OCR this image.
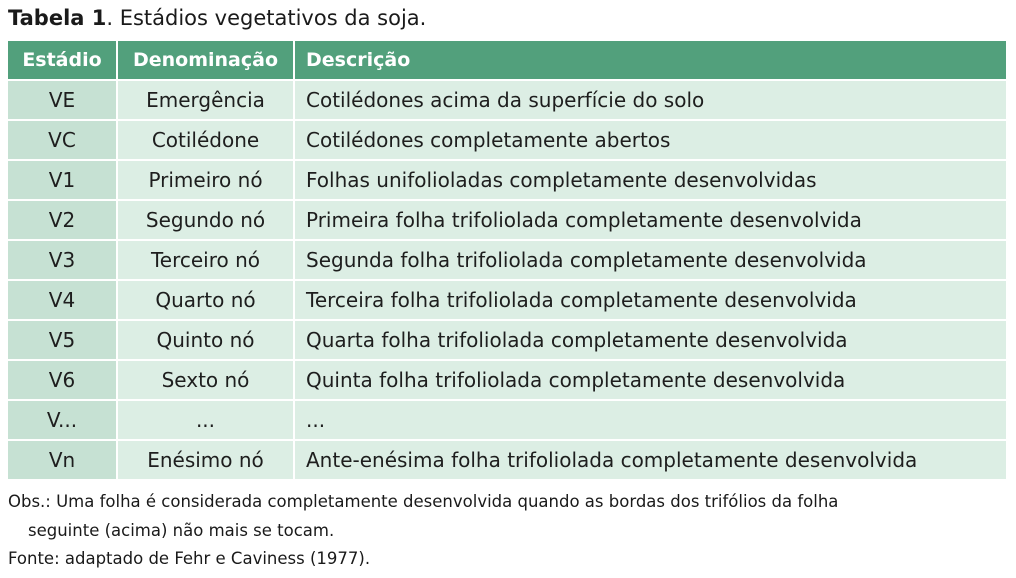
Tabela 1. Estádios vegetativos da soja.
Estádio	Denominação	Descrição
VE	Emergência	Cotilédones acima da superfície do solo
VC	Cotilédone	Cotilédones completamente abertos
V1	Primeiro nó	Folhas unifolioladas completamente desenvolvidas
V2	Segundo nó	Primeira folha trifoliolada completamente desenvolvida
V3	Terceiro nó	Segunda folha trifoliolada completamente desenvolvida
V4	Quarto nó	Terceira folha trifoliolada completamente desenvolvida
V5	Quinto nó	Quarta folha trifoliolada completamente desenvolvida
V6	Sexto nó	Quinta folha trifoliolada completamente desenvolvida
V...	...	...
Vn	Enésimo nó	Ante-enésima folha trifoliolada completamente desenvolvida
Obs.: Uma folha é considerada completamente desenvolvida quando as bordas dos trifólios da folha
seguinte (acima) não mais se tocam.
Fonte: adaptado de Fehr e Caviness (1977).
